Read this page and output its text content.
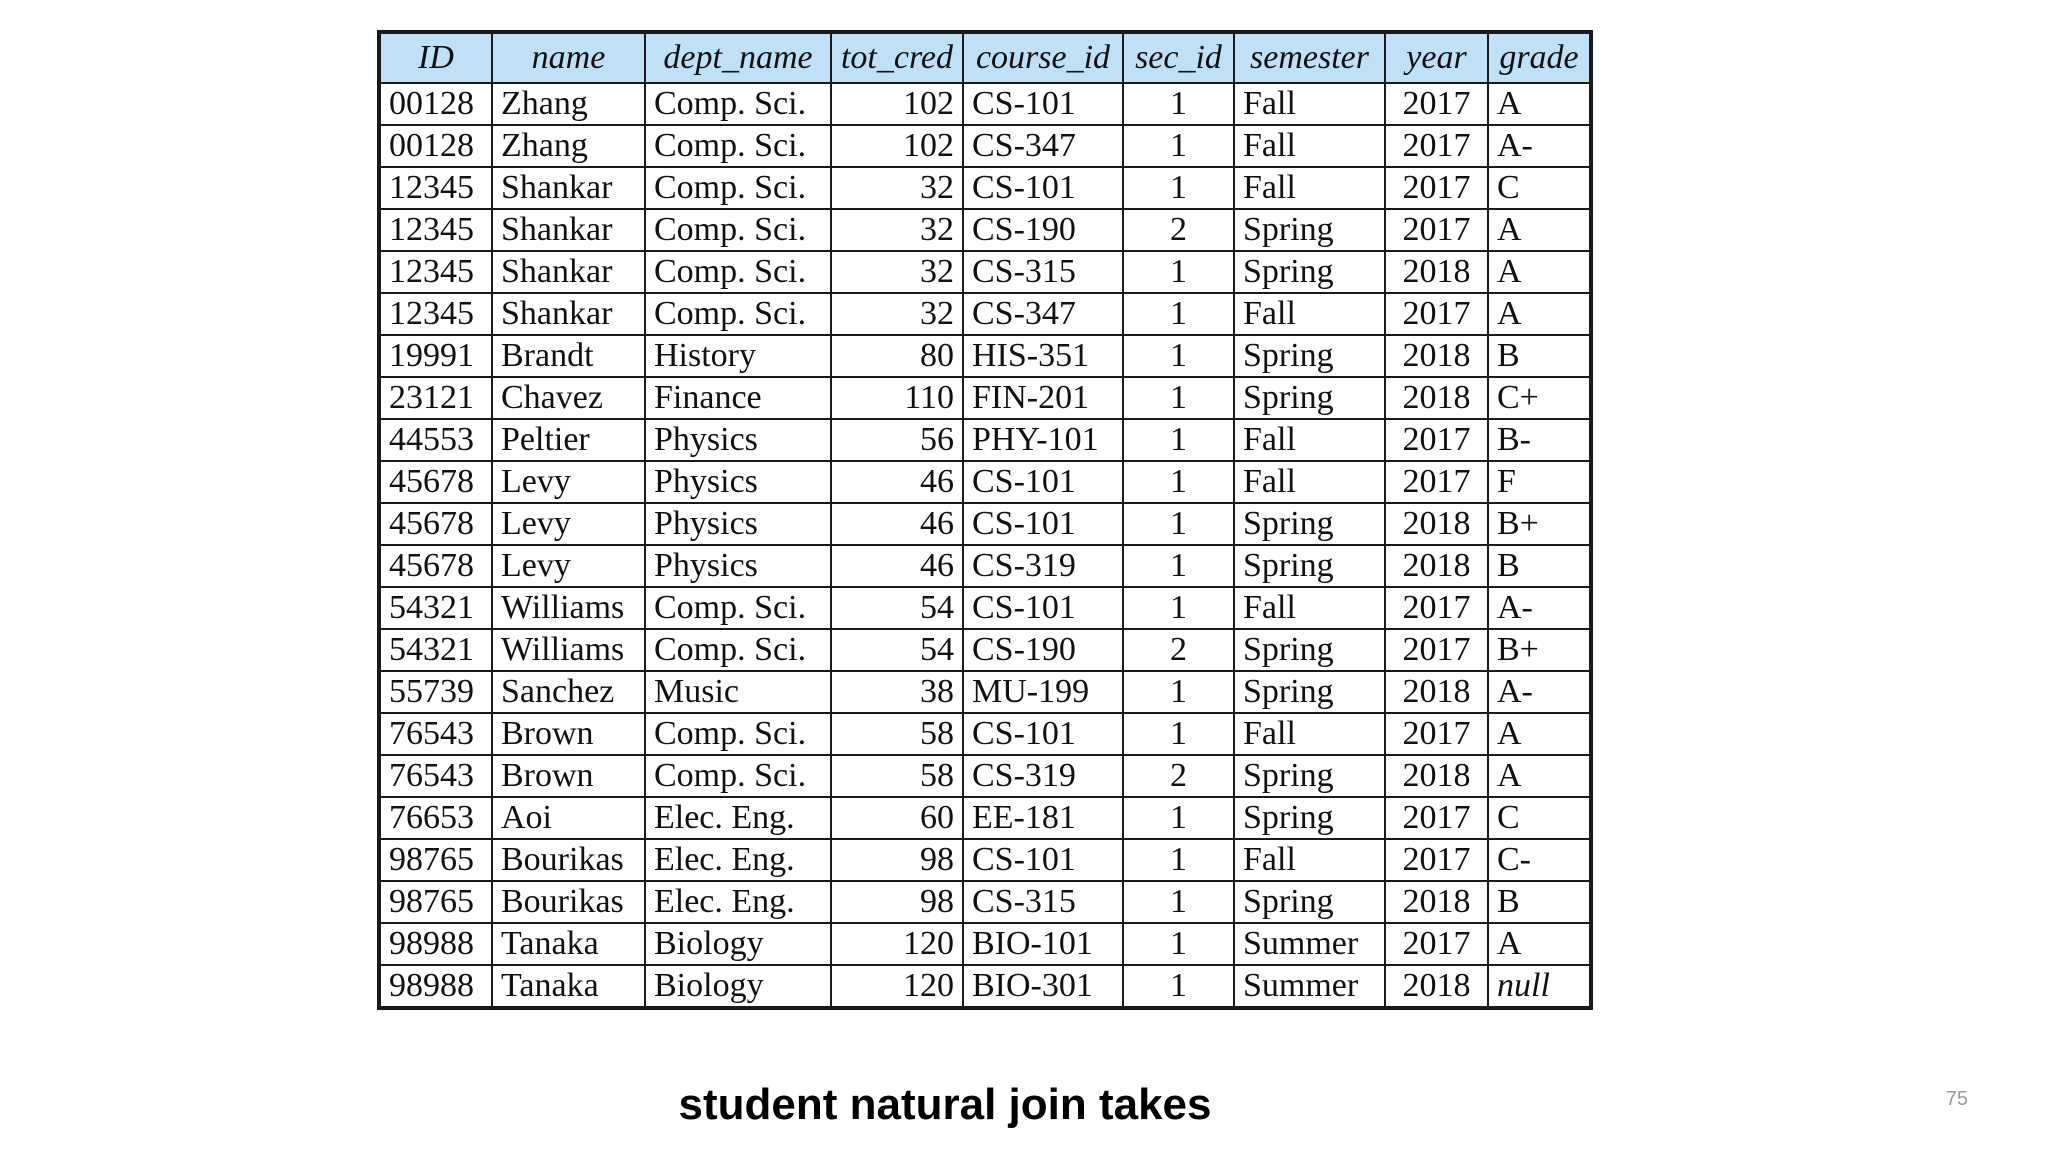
ID	name	dept_name	tot_cred	course_id	sec_id	semester	year	grade
00128	Zhang	Comp. Sci.	102	CS-101	1	Fall	2017	A
00128	Zhang	Comp. Sci.	102	CS-347	1	Fall	2017	A-
12345	Shankar	Comp. Sci.	32	CS-101	1	Fall	2017	C
12345	Shankar	Comp. Sci.	32	CS-190	2	Spring	2017	A
12345	Shankar	Comp. Sci.	32	CS-315	1	Spring	2018	A
12345	Shankar	Comp. Sci.	32	CS-347	1	Fall	2017	A
19991	Brandt	History	80	HIS-351	1	Spring	2018	B
23121	Chavez	Finance	110	FIN-201	1	Spring	2018	C+
44553	Peltier	Physics	56	PHY-101	1	Fall	2017	B-
45678	Levy	Physics	46	CS-101	1	Fall	2017	F
45678	Levy	Physics	46	CS-101	1	Spring	2018	B+
45678	Levy	Physics	46	CS-319	1	Spring	2018	B
54321	Williams	Comp. Sci.	54	CS-101	1	Fall	2017	A-
54321	Williams	Comp. Sci.	54	CS-190	2	Spring	2017	B+
55739	Sanchez	Music	38	MU-199	1	Spring	2018	A-
76543	Brown	Comp. Sci.	58	CS-101	1	Fall	2017	A
76543	Brown	Comp. Sci.	58	CS-319	2	Spring	2018	A
76653	Aoi	Elec. Eng.	60	EE-181	1	Spring	2017	C
98765	Bourikas	Elec. Eng.	98	CS-101	1	Fall	2017	C-
98765	Bourikas	Elec. Eng.	98	CS-315	1	Spring	2018	B
98988	Tanaka	Biology	120	BIO-101	1	Summer	2017	A
98988	Tanaka	Biology	120	BIO-301	1	Summer	2018	null
student natural join takes	75
